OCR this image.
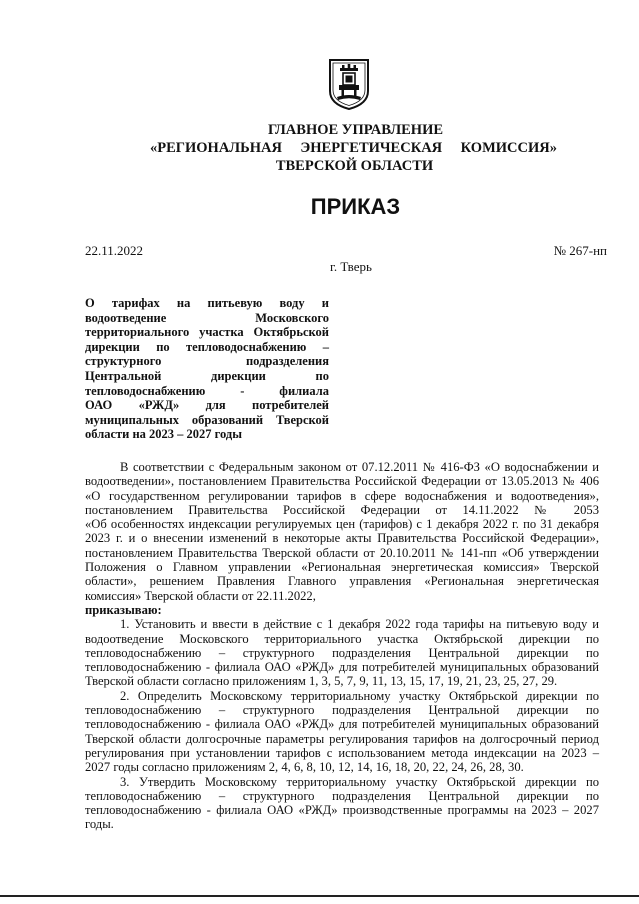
ГЛАВНОЕ УПРАВЛЕНИЕ
«РЕГИОНАЛЬНАЯ ЭНЕРГЕТИЧЕСКАЯ КОМИССИЯ»
ТВЕРСКОЙ ОБЛАСТИ
ПРИКАЗ
22.11.2022	№ 267-нп
г. Тверь
О тарифах на питьевую воду и
водоотведение Московского
территориального участка Октябрьской
дирекции по тепловодоснабжению –
структурного подразделения
Центральной дирекции по
тепловодоснабжению - филиала
ОАО «РЖД» для потребителей
муниципальных образований Тверской
области на 2023 – 2027 годы
В соответствии с Федеральным законом от 07.12.2011 № 416-ФЗ «О водоснабжении и
водоотведении», постановлением Правительства Российской Федерации от 13.05.2013 № 406
«О государственном регулировании тарифов в сфере водоснабжения и водоотведения»,
постановлением Правительства Российской Федерации от 14.11.2022 № 2053
«Об особенностях индексации регулируемых цен (тарифов) с 1 декабря 2022 г. по 31 декабря
2023 г. и о внесении изменений в некоторые акты Правительства Российской Федерации»,
постановлением Правительства Тверской области от 20.10.2011 № 141-пп «Об утверждении
Положения о Главном управлении «Региональная энергетическая комиссия» Тверской
области», решением Правления Главного управления «Региональная энергетическая
комиссия» Тверской области от 22.11.2022,
приказываю:
1. Установить и ввести в действие с 1 декабря 2022 года тарифы на питьевую воду и
водоотведение Московского территориального участка Октябрьской дирекции по
тепловодоснабжению – структурного подразделения Центральной дирекции по
тепловодоснабжению - филиала ОАО «РЖД» для потребителей муниципальных образований
Тверской области согласно приложениям 1, 3, 5, 7, 9, 11, 13, 15, 17, 19, 21, 23, 25, 27, 29.
2. Определить Московскому территориальному участку Октябрьской дирекции по
тепловодоснабжению – структурного подразделения Центральной дирекции по
тепловодоснабжению - филиала ОАО «РЖД» для потребителей муниципальных образований
Тверской области долгосрочные параметры регулирования тарифов на долгосрочный период
регулирования при установлении тарифов с использованием метода индексации на 2023 –
2027 годы согласно приложениям 2, 4, 6, 8, 10, 12, 14, 16, 18, 20, 22, 24, 26, 28, 30.
3. Утвердить Московскому территориальному участку Октябрьской дирекции по
тепловодоснабжению – структурного подразделения Центральной дирекции по
тепловодоснабжению - филиала ОАО «РЖД» производственные программы на 2023 – 2027
годы.
